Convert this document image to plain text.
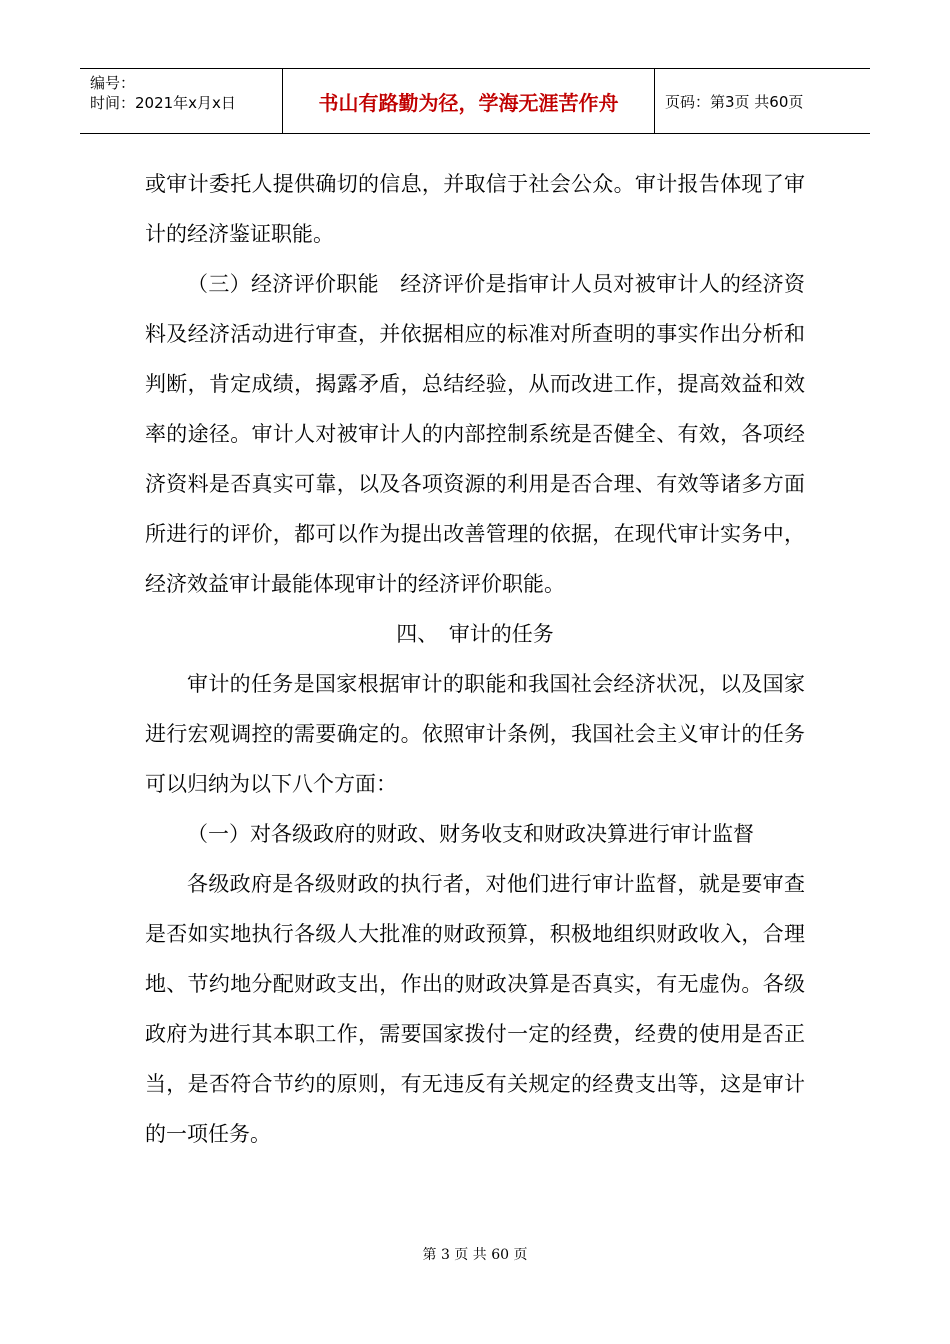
编号：
时间：2021年x月x日	书山有路勤为径，学海无涯苦作舟	页码：第3页 共60页

或审计委托人提供确切的信息，并取信于社会公众。审计报告体现了审计的经济鉴证职能。

（三）经济评价职能　经济评价是指审计人员对被审计人的经济资料及经济活动进行审查，并依据相应的标准对所查明的事实作出分析和判断，肯定成绩，揭露矛盾，总结经验，从而改进工作，提高效益和效率的途径。审计人对被审计人的内部控制系统是否健全、有效，各项经济资料是否真实可靠，以及各项资源的利用是否合理、有效等诸多方面所进行的评价，都可以作为提出改善管理的依据，在现代审计实务中，经济效益审计最能体现审计的经济评价职能。

四、　审计的任务

审计的任务是国家根据审计的职能和我国社会经济状况，以及国家进行宏观调控的需要确定的。依照审计条例，我国社会主义审计的任务可以归纳为以下八个方面：

（一）对各级政府的财政、财务收支和财政决算进行审计监督

各级政府是各级财政的执行者，对他们进行审计监督，就是要审查是否如实地执行各级人大批准的财政预算，积极地组织财政收入，合理地、节约地分配财政支出，作出的财政决算是否真实，有无虚伪。各级政府为进行其本职工作，需要国家拨付一定的经费，经费的使用是否正当，是否符合节约的原则，有无违反有关规定的经费支出等，这是审计的一项任务。

第 3 页 共 60 页
